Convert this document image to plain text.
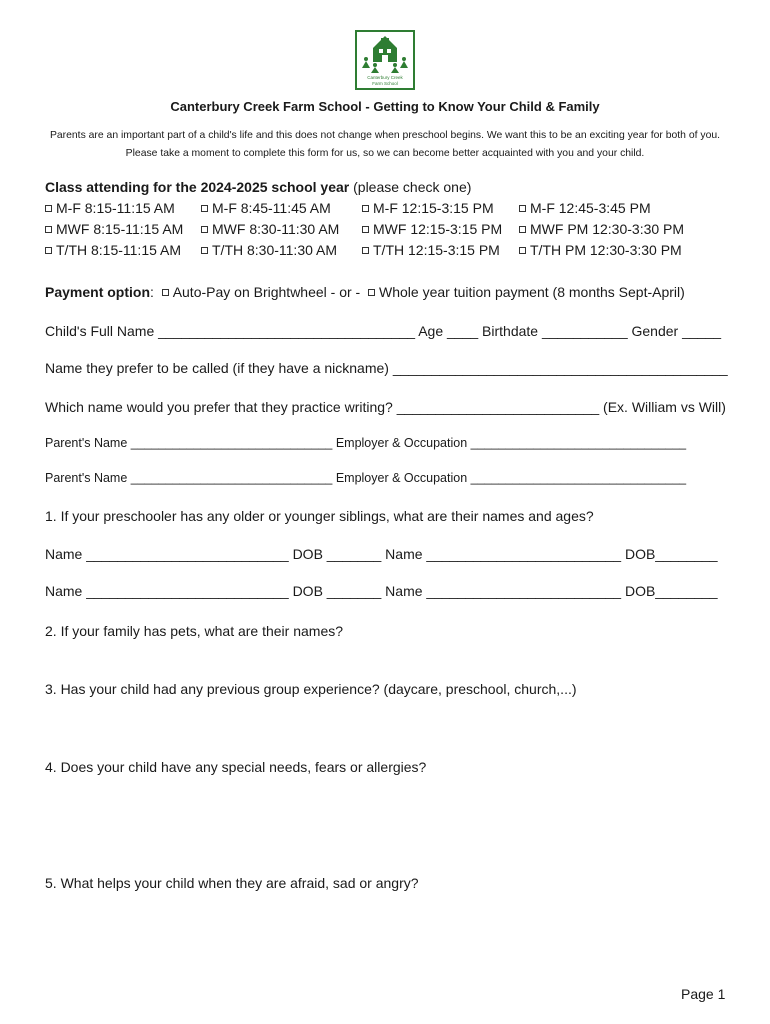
Canterbury Creek
Farm School
Canterbury Creek Farm School - Getting to Know Your Child & Family
Parents are an important part of a child's life and this does not change when preschool begins. We want this to be an exciting year for both of you. Please take a moment to complete this form for us, so we can become better acquainted with you and your child.
Class attending for the 2024-2025 school year (please check one)
M-F 8:15-11:15 AM	M-F 8:45-11:45 AM	M-F 12:15-3:15 PM	M-F 12:45-3:45 PM
MWF 8:15-11:15 AM	MWF 8:30-11:30 AM	MWF 12:15-3:15 PM	MWF PM 12:30-3:30 PM
T/TH 8:15-11:15 AM	T/TH 8:30-11:30 AM	T/TH 12:15-3:15 PM	T/TH PM 12:30-3:30 PM
Payment option: Auto-Pay on Brightwheel - or - Whole year tuition payment (8 months Sept-April)
Child's Full Name _________________________________ Age ____ Birthdate ___________ Gender _____
Name they prefer to be called (if they have a nickname) ___________________________________________
Which name would you prefer that they practice writing? __________________________ (Ex. William vs Will)
Parent's Name _____________________________ Employer & Occupation _______________________________
Parent's Name _____________________________ Employer & Occupation _______________________________
1. If your preschooler has any older or younger siblings, what are their names and ages?
Name __________________________ DOB _______ Name _________________________ DOB________
Name __________________________ DOB _______ Name _________________________ DOB________
2. If your family has pets, what are their names?
3. Has your child had any previous group experience? (daycare, preschool, church,...)
4. Does your child have any special needs, fears or allergies?
5. What helps your child when they are afraid, sad or angry?
Page 1
